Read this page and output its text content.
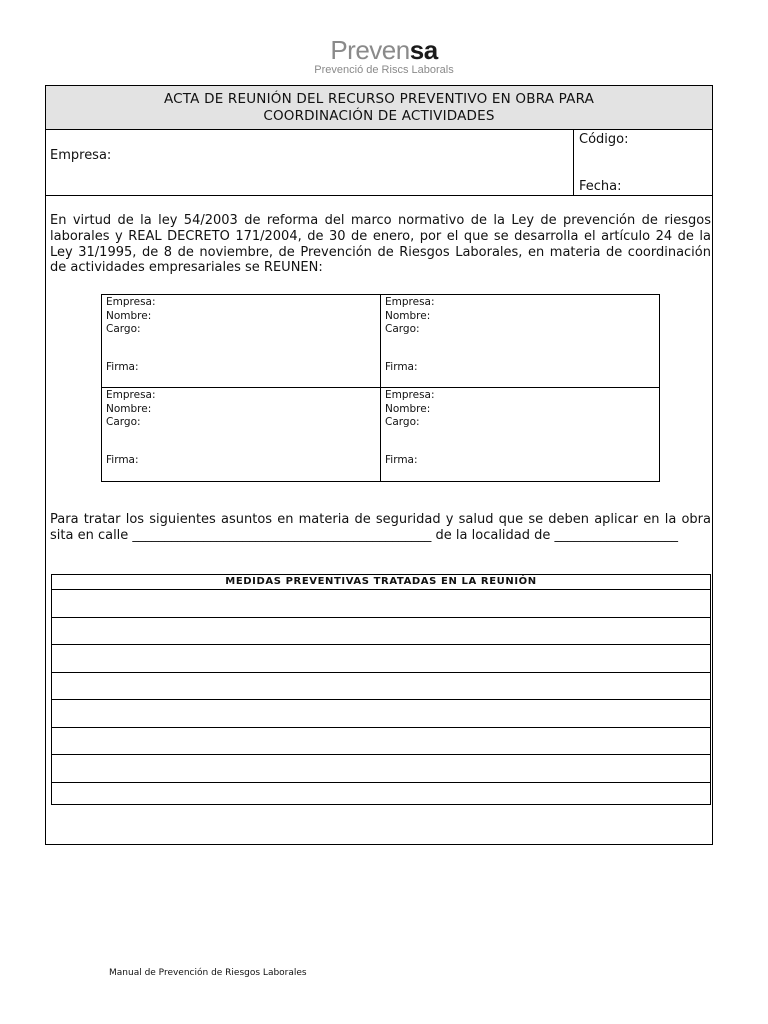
Prevensa
Prevenció de Riscs Laborals
ACTA DE REUNIÓN DEL RECURSO PREVENTIVO EN OBRA PARA
COORDINACIÓN DE ACTIVIDADES
Empresa:
Código:
Fecha:

En virtud de la ley 54/2003 de reforma del marco normativo de la Ley de prevención de riesgos laborales y REAL DECRETO 171/2004, de 30 de enero, por el que se desarrolla el artículo 24 de la Ley 31/1995, de 8 de noviembre, de Prevención de Riesgos Laborales, en materia de coordinación de actividades empresariales se REUNEN:

Empresa:
Nombre:
Cargo:
Firma:
Empresa:
Nombre:
Cargo:
Firma:
Empresa:
Nombre:
Cargo:
Firma:
Empresa:
Nombre:
Cargo:
Firma:

Para tratar los siguientes asuntos en materia de seguridad y salud que se deben aplicar en la obra sita en calle ______________________________________________ de la localidad de ___________________

MEDIDAS PREVENTIVAS TRATADAS EN LA REUNIÓN
Manual de Prevención de Riesgos Laborales
